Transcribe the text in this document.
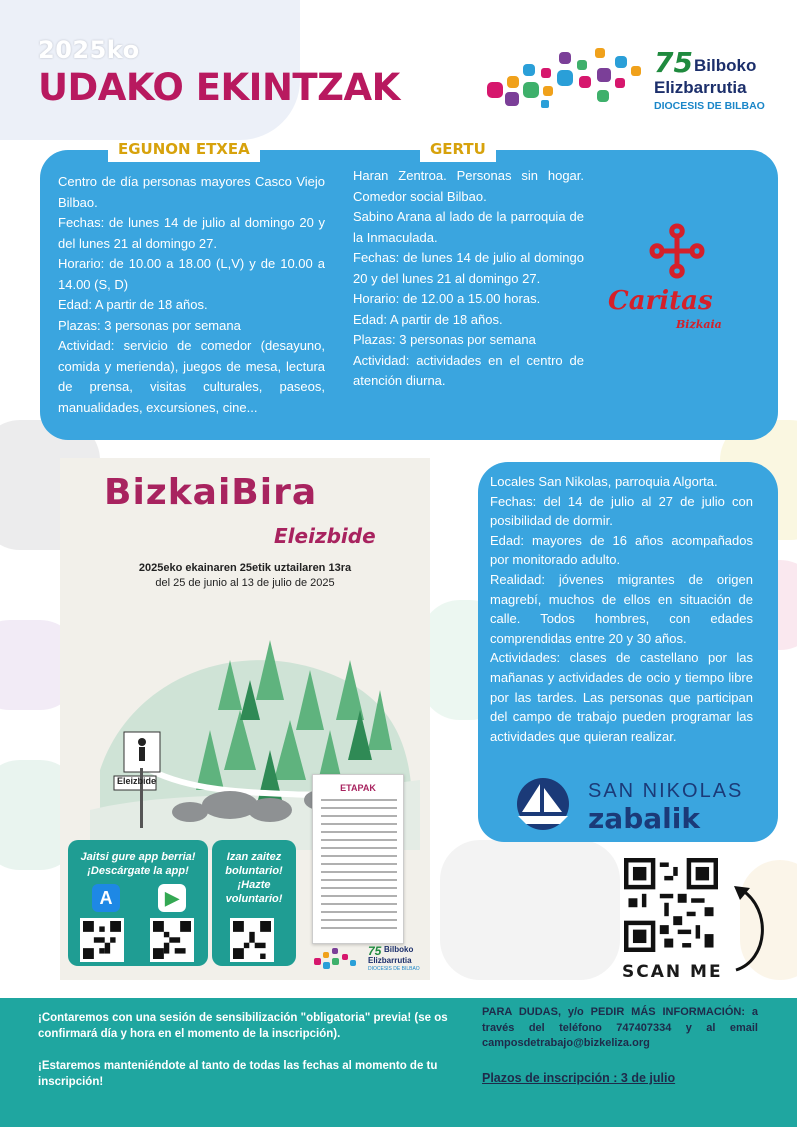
2025ko
UDAKO EKINTZAK
75 Bilboko
Elizbarrutia
DIOCESIS DE BILBAO
EGUNON ETXEA	GERTU

Centro de día personas mayores Casco Viejo Bilbao.

Fechas: de lunes 14 de julio al domingo 20 y del lunes 21 al domingo 27.

Horario: de 10.00 a 18.00 (L,V) y de 10.00 a 14.00 (S, D)

Edad: A partir de 18 años.

Plazas: 3 personas por semana

Actividad: servicio de comedor (desayuno, comida y merienda), juegos de mesa, lectura de prensa, visitas culturales, paseos, manualidades, excursiones, cine...

Haran Zentroa. Personas sin hogar. Comedor social Bilbao.

Sabino Arana al lado de la parroquia de la Inmaculada.

Fechas: de lunes 14 de julio al domingo 20 y del lunes 21 al domingo 27.

Horario: de 12.00 a 15.00 horas.

Edad: A partir de 18 años.

Plazas: 3 personas por semana

Actividad: actividades en el centro de atención diurna.

Caritas
Bizkaia
BizkaiBira
Eleizbide
2025eko ekainaren 25etik uztailaren 13ra
del 25 de junio al 13 de julio de 2025
Eleizbide
ETAPAK
Jaitsi gure app berria!
¡Descárgate la app!
A	▶
Izan zaitez
boluntario!
¡Hazte
voluntario!
75 Bilboko
Elizbarrutia
DIOCESIS DE BILBAO

Locales San Nikolas, parroquia Algorta.

Fechas: del 14 de julio al 27 de julio con posibilidad de dormir.

Edad: mayores de 16 años acompañados por monitorado adulto.

Realidad: jóvenes migrantes de origen magrebí, muchos de ellos en situación de calle. Todos hombres, con edades comprendidas entre 20 y 30 años.

Actividades: clases de castellano por las mañanas y actividades de ocio y tiempo libre por las tardes. Las personas que participan del campo de trabajo pueden programar las actividades que quieran realizar.

SAN NIKOLAS
zabalik
SCAN ME
¡Contaremos con una sesión de sensibilización "obligatoria" previa! (se os confirmará día y hora en el momento de la inscripción).
¡Estaremos manteniéndote al tanto de todas las fechas al momento de tu inscripción!
PARA DUDAS, y/o PEDIR MÁS INFORMACIÓN: a través del teléfono 747407334 y al email camposdetrabajo@bizkeliza.org
Plazos de inscripción : 3 de julio
